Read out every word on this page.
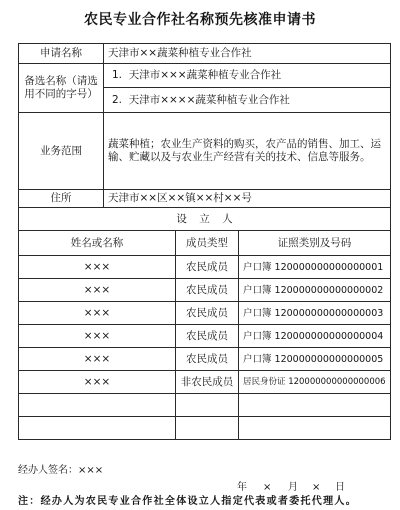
农民专业合作社名称预先核准申请书
申请名称	天津市××蔬菜种植专业合作社		
备选名称（请选用不同的字号）	1.  天津市×××蔬菜种植专业合作社		
	2.  天津市××××蔬菜种植专业合作社		
业务范围	蔬菜种植；农业生产资料的购买，农产品的销售、加工、运输、贮藏以及与农业生产经营有关的技术、信息等服务。		
住所	天津市××区××镇××村××号		
设 立 人			
姓名或名称		成员类型	证照类别及号码
×××		农民成员	户口簿 120000000000000001
×××		农民成员	户口簿 120000000000000002
×××		农民成员	户口簿 120000000000000003
×××		农民成员	户口簿 120000000000000004
×××		农民成员	户口簿 120000000000000005
×××		非农民成员	居民身份证 120000000000000006

经办人签名：×××
年 × 月 × 日
注：经办人为农民专业合作社全体设立人指定代表或者委托代理人。
